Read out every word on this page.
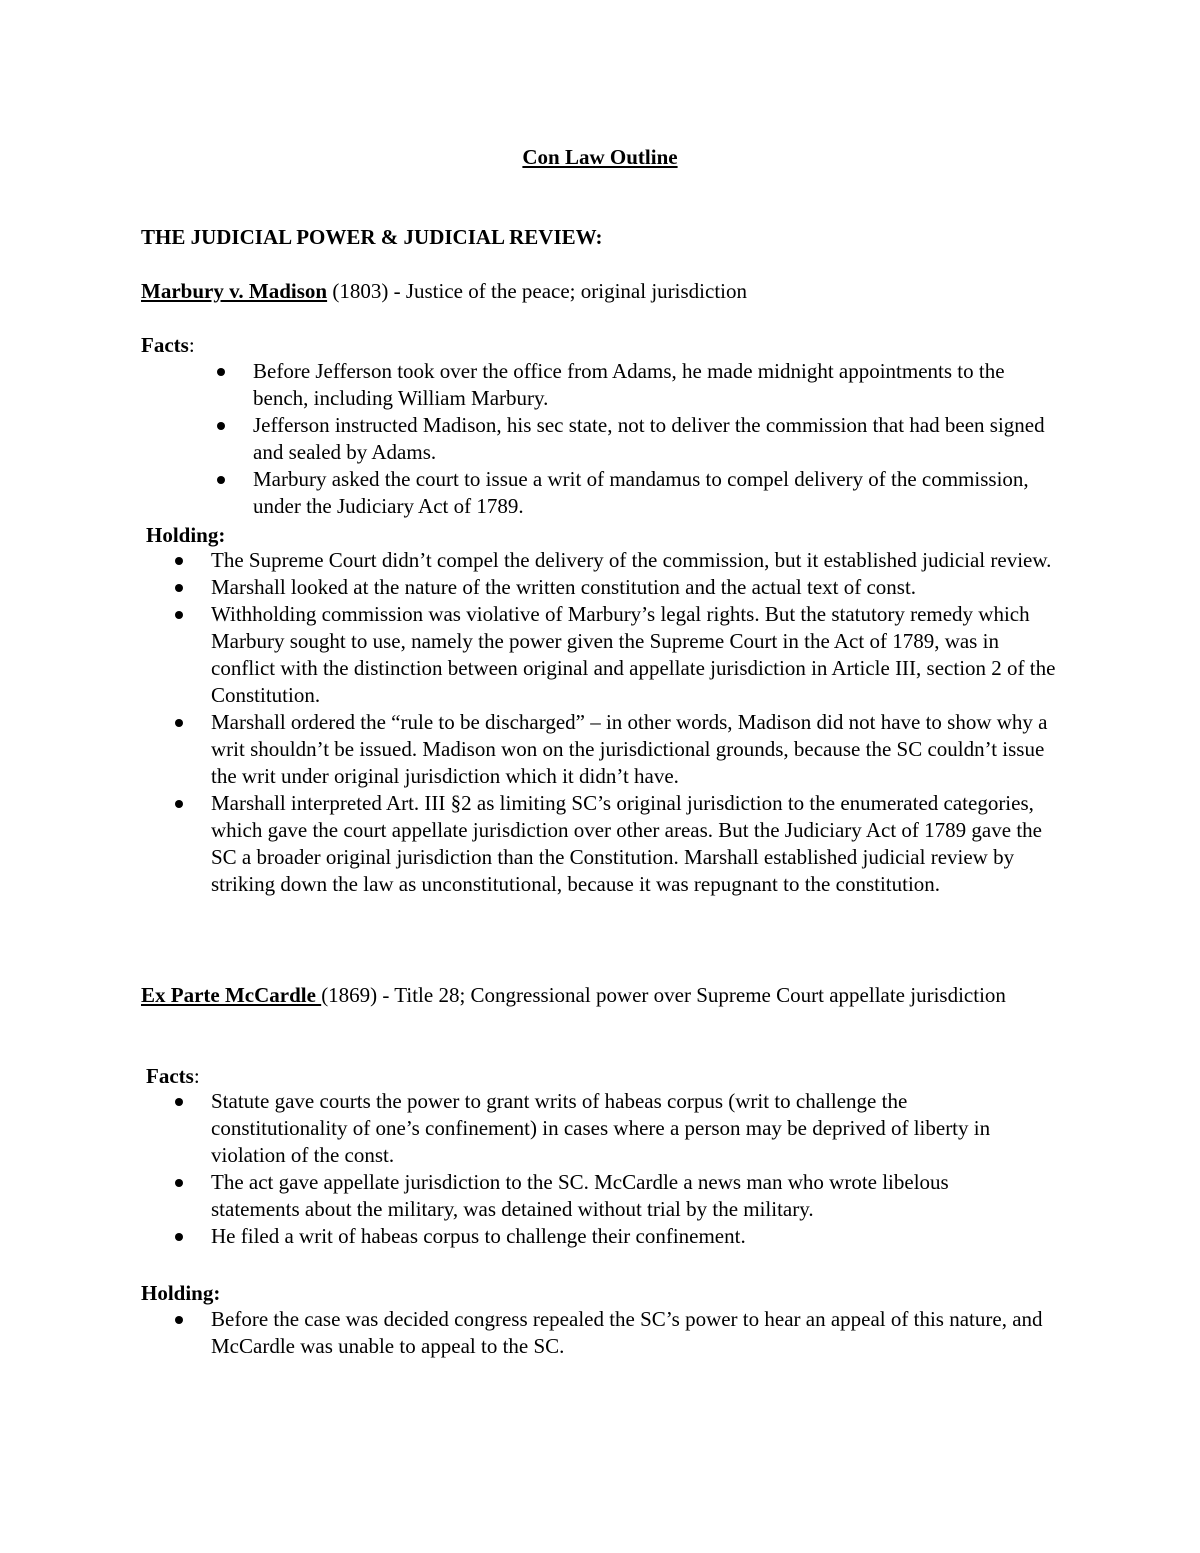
Con Law Outline
THE JUDICIAL POWER & JUDICIAL REVIEW:
Marbury v. Madison (1803) - Justice of the peace; original jurisdiction
Facts:
Before Jefferson took over the office from Adams, he made midnight appointments to the bench, including William Marbury.
Jefferson instructed Madison, his sec state, not to deliver the commission that had been signed and sealed by Adams.
Marbury asked the court to issue a writ of mandamus to compel delivery of the commission, under the Judiciary Act of 1789.
Holding:
The Supreme Court didn’t compel the delivery of the commission, but it established judicial review.
Marshall looked at the nature of the written constitution and the actual text of const.
Withholding commission was violative of Marbury’s legal rights. But the statutory remedy which Marbury sought to use, namely the power given the Supreme Court in the Act of 1789, was in conflict with the distinction between original and appellate jurisdiction in Article III, section 2 of the Constitution.
Marshall ordered the “rule to be discharged” – in other words, Madison did not have to show why a writ shouldn’t be issued. Madison won on the jurisdictional grounds, because the SC couldn’t issue the writ under original jurisdiction which it didn’t have.
Marshall interpreted Art. III §2 as limiting SC’s original jurisdiction to the enumerated categories, which gave the court appellate jurisdiction over other areas. But the Judiciary Act of 1789 gave the SC a broader original jurisdiction than the Constitution. Marshall established judicial review by striking down the law as unconstitutional, because it was repugnant to the constitution.
Ex Parte McCardle (1869) - Title 28; Congressional power over Supreme Court appellate jurisdiction
Facts:
Statute gave courts the power to grant writs of habeas corpus (writ to challenge the constitutionality of one’s confinement) in cases where a person may be deprived of liberty in violation of the const.
The act gave appellate jurisdiction to the SC. McCardle a news man who wrote libelous statements about the military, was detained without trial by the military.
He filed a writ of habeas corpus to challenge their confinement.
Holding:
Before the case was decided congress repealed the SC’s power to hear an appeal of this nature, and McCardle was unable to appeal to the SC.
